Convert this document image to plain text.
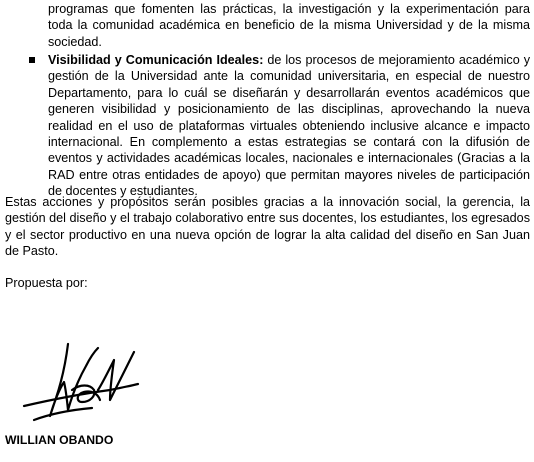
programas que fomenten las prácticas, la investigación y la experimentación para toda la comunidad académica en beneficio de la misma Universidad y de la misma sociedad.

Visibilidad y Comunicación Ideales: de los procesos de mejoramiento académico y gestión de la Universidad ante la comunidad universitaria, en especial de nuestro Departamento, para lo cuál se diseñarán y desarrollarán eventos académicos que generen visibilidad y posicionamiento de las disciplinas, aprovechando la nueva realidad en el uso de plataformas virtuales obteniendo inclusive alcance e impacto internacional. En complemento a estas estrategias se contará con la difusión de eventos y actividades académicas locales, nacionales e internacionales (Gracias a la RAD entre otras entidades de apoyo) que permitan mayores niveles de participación de docentes y estudiantes.

Estas acciones y propósitos serán posibles gracias a la innovación social, la gerencia, la gestión del diseño y el trabajo colaborativo entre sus docentes, los estudiantes, los egresados y el sector productivo en una nueva opción de lograr la alta calidad del diseño en San Juan de Pasto.

Propuesta por:

WILLIAN OBANDO
